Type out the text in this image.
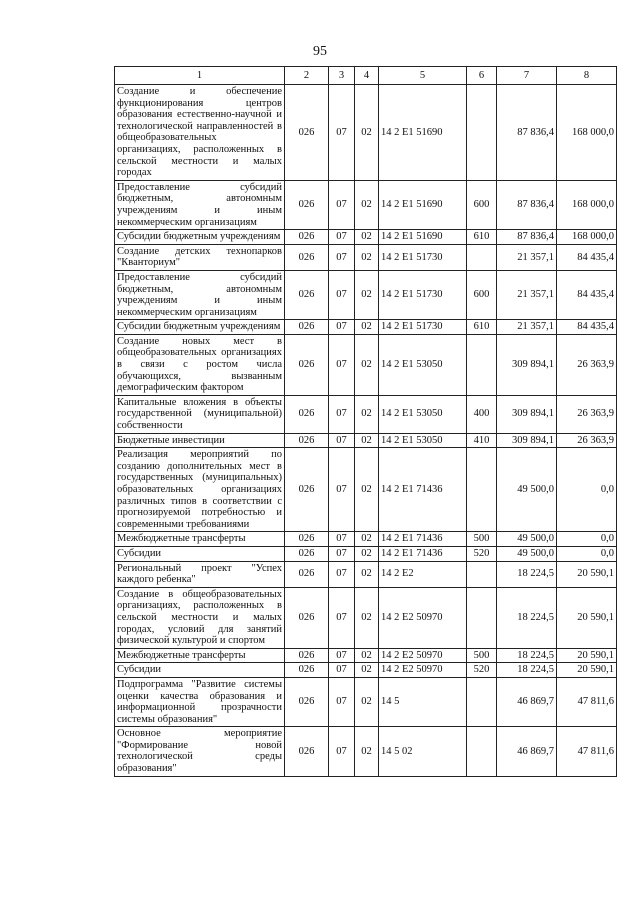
95
1	2	3	4	5	6	7	8
Создание и обеспечение функционирования центров образования естественно-научной и технологической направленностей в общеобразовательных организациях, расположенных в сельской местности и малых городах	026	07	02	14 2 E1 51690		87 836,4	168 000,0
Предоставление субсидий бюджетным, автономным учреждениям и иным некоммерческим организациям	026	07	02	14 2 E1 51690	600	87 836,4	168 000,0
Субсидии бюджетным учреждениям	026	07	02	14 2 E1 51690	610	87 836,4	168 000,0
Создание детских технопарков "Кванториум"	026	07	02	14 2 E1 51730		21 357,1	84 435,4
Предоставление субсидий бюджетным, автономным учреждениям и иным некоммерческим организациям	026	07	02	14 2 E1 51730	600	21 357,1	84 435,4
Субсидии бюджетным учреждениям	026	07	02	14 2 E1 51730	610	21 357,1	84 435,4
Создание новых мест в общеобразовательных организациях в связи с ростом числа обучающихся, вызванным демографическим фактором	026	07	02	14 2 E1 53050		309 894,1	26 363,9
Капитальные вложения в объекты государственной (муниципальной) собственности	026	07	02	14 2 E1 53050	400	309 894,1	26 363,9
Бюджетные инвестиции	026	07	02	14 2 E1 53050	410	309 894,1	26 363,9
Реализация мероприятий по созданию дополнительных мест в государственных (муниципальных) образовательных организациях различных типов в соответствии с прогнозируемой потребностью и современными требованиями	026	07	02	14 2 E1 71436		49 500,0	0,0
Межбюджетные трансферты	026	07	02	14 2 E1 71436	500	49 500,0	0,0
Субсидии	026	07	02	14 2 E1 71436	520	49 500,0	0,0
Региональный проект "Успех каждого ребенка"	026	07	02	14 2 E2		18 224,5	20 590,1
Создание в общеобразовательных организациях, расположенных в сельской местности и малых городах, условий для занятий физической культурой и спортом	026	07	02	14 2 E2 50970		18 224,5	20 590,1
Межбюджетные трансферты	026	07	02	14 2 E2 50970	500	18 224,5	20 590,1
Субсидии	026	07	02	14 2 E2 50970	520	18 224,5	20 590,1
Подпрограмма "Развитие системы оценки качества образования и информационной прозрачности системы образования"	026	07	02	14 5		46 869,7	47 811,6
Основное мероприятие "Формирование новой технологической среды образования"	026	07	02	14 5 02		46 869,7	47 811,6
